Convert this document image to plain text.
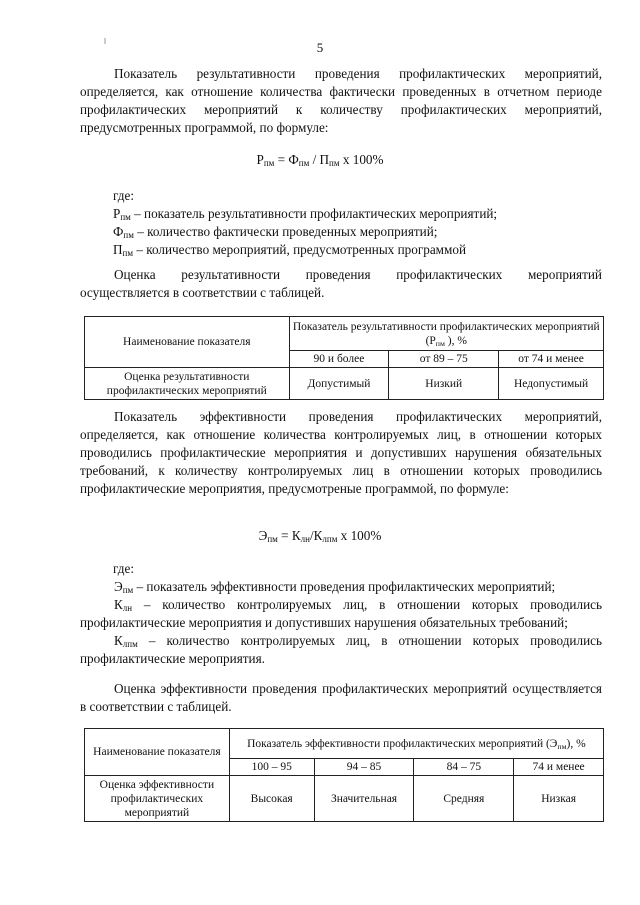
5
Показатель результативности проведения профилактических мероприятий, определяется, как отношение количества фактически проведенных в отчетном периоде профилактических мероприятий к количеству профилактических мероприятий, предусмотренных программой, по формуле:
$Р_{пм} = Ф_{пм} / П_{пм}$ х 100%
где:
$Р_{пм}$ – показатель результативности профилактических мероприятий;
$Ф_{пм}$ – количество фактически проведенных мероприятий;
$П_{пм}$ – количество мероприятий, предусмотренных программой
Оценка результативности проведения профилактических мероприятий осуществляется в соответствии с таблицей.
Наименование показателя	Показатель результативности профилактических мероприятий ($Р_{пм}$ ), %		
	90 и более	от 89 – 75	от 74 и менее
Оценка результативности профилактических мероприятий	Допустимый	Низкий	Недопустимый
Показатель эффективности проведения профилактических мероприятий, определяется, как отношение количества контролируемых лиц, в отношении которых проводились профилактические мероприятия и допустивших нарушения обязательных требований, к количеству контролируемых лиц в отношении которых проводились профилактические мероприятия, предусмотреные программой, по формуле:
$Э_{пм} = К_{лн}/К_{лпм}$ х 100%
где:

$Э_{пм}$ – показатель эффективности проведения профилактических мероприятий;

$К_{лн}$ – количество контролируемых лиц, в отношении которых проводились профилактические мероприятия и допустивших нарушения обязательных требований;

$К_{лпм}$ – количество контролируемых лиц, в отношении которых проводились профилактические мероприятия.

Оценка эффективности проведения профилактических мероприятий осуществляется в соответствии с таблицей.
Наименование показателя	Показатель эффективности профилактических мероприятий $(Э_{пм})$, %			
	100 – 95	94 – 85	84 – 75	74 и менее
Оценка эффективности профилактических мероприятий	Высокая	Значительная	Средняя	Низкая
